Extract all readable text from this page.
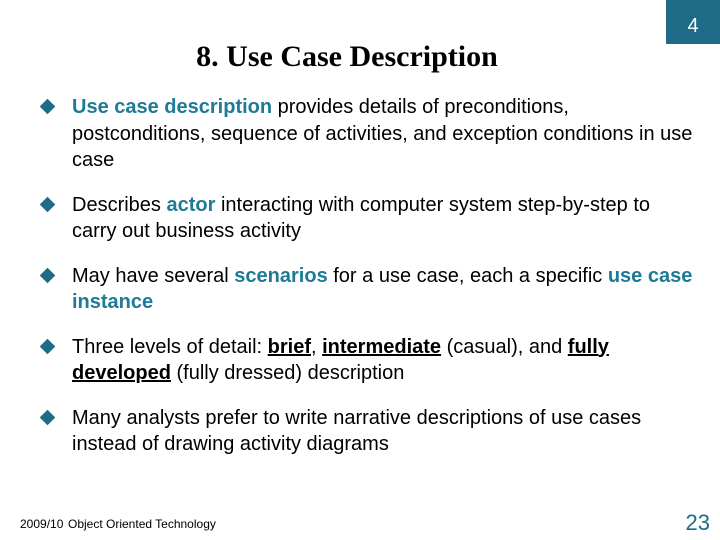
4
8. Use Case Description
Use case description provides details of preconditions, postconditions, sequence of activities, and exception conditions in use case
Describes actor interacting with computer system step-by-step to carry out business activity
May have several scenarios for a use case, each a specific use case instance
Three levels of detail: brief, intermediate (casual), and fully developed (fully dressed) description
Many analysts prefer to write narrative descriptions of use cases instead of drawing activity diagrams
2009/10 Object Oriented Technology	23
